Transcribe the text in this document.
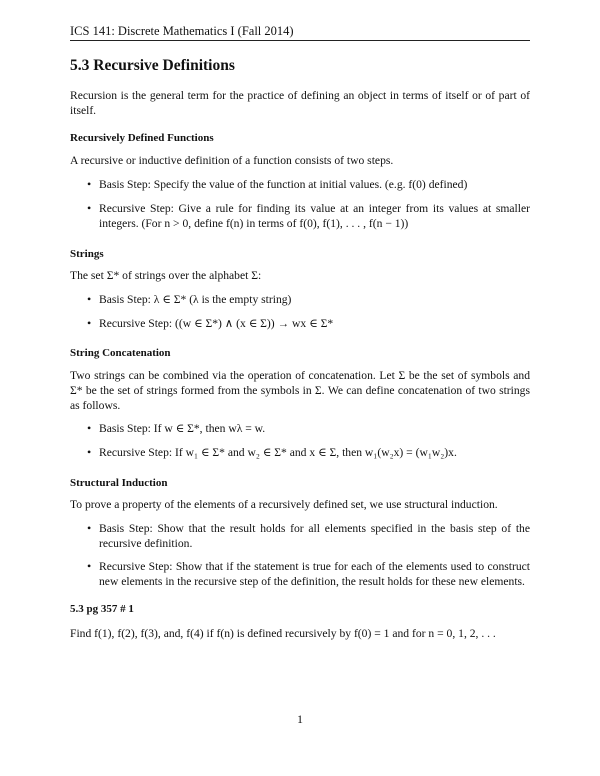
ICS 141: Discrete Mathematics I (Fall 2014)
5.3 Recursive Definitions

Recursion is the general term for the practice of defining an object in terms of itself or of part of itself.

Recursively Defined Functions

A recursive or inductive definition of a function consists of two steps.

• Basis Step: Specify the value of the function at initial values. (e.g. f(0) defined)
• Recursive Step: Give a rule for finding its value at an integer from its values at smaller integers. (For n > 0, define f(n) in terms of f(0), f(1), . . . , f(n − 1))
Strings

The set Σ* of strings over the alphabet Σ:

• Basis Step: λ ∈ Σ* (λ is the empty string)
• Recursive Step: ((w ∈ Σ*) ∧ (x ∈ Σ)) → wx ∈ Σ*
String Concatenation

Two strings can be combined via the operation of concatenation. Let Σ be the set of symbols and Σ* be the set of strings formed from the symbols in Σ. We can define concatenation of two strings as follows.

• Basis Step: If w ∈ Σ*, then wλ = w.
• Recursive Step: If w₁ ∈ Σ* and w₂ ∈ Σ* and x ∈ Σ, then w₁(w₂x) = (w₁w₂)x.
Structural Induction

To prove a property of the elements of a recursively defined set, we use structural induction.

• Basis Step: Show that the result holds for all elements specified in the basis step of the recursive definition.
• Recursive Step: Show that if the statement is true for each of the elements used to construct new elements in the recursive step of the definition, the result holds for these new elements.
5.3 pg 357 # 1

Find f(1), f(2), f(3), and, f(4) if f(n) is defined recursively by f(0) = 1 and for n = 0, 1, 2, . . .

1
